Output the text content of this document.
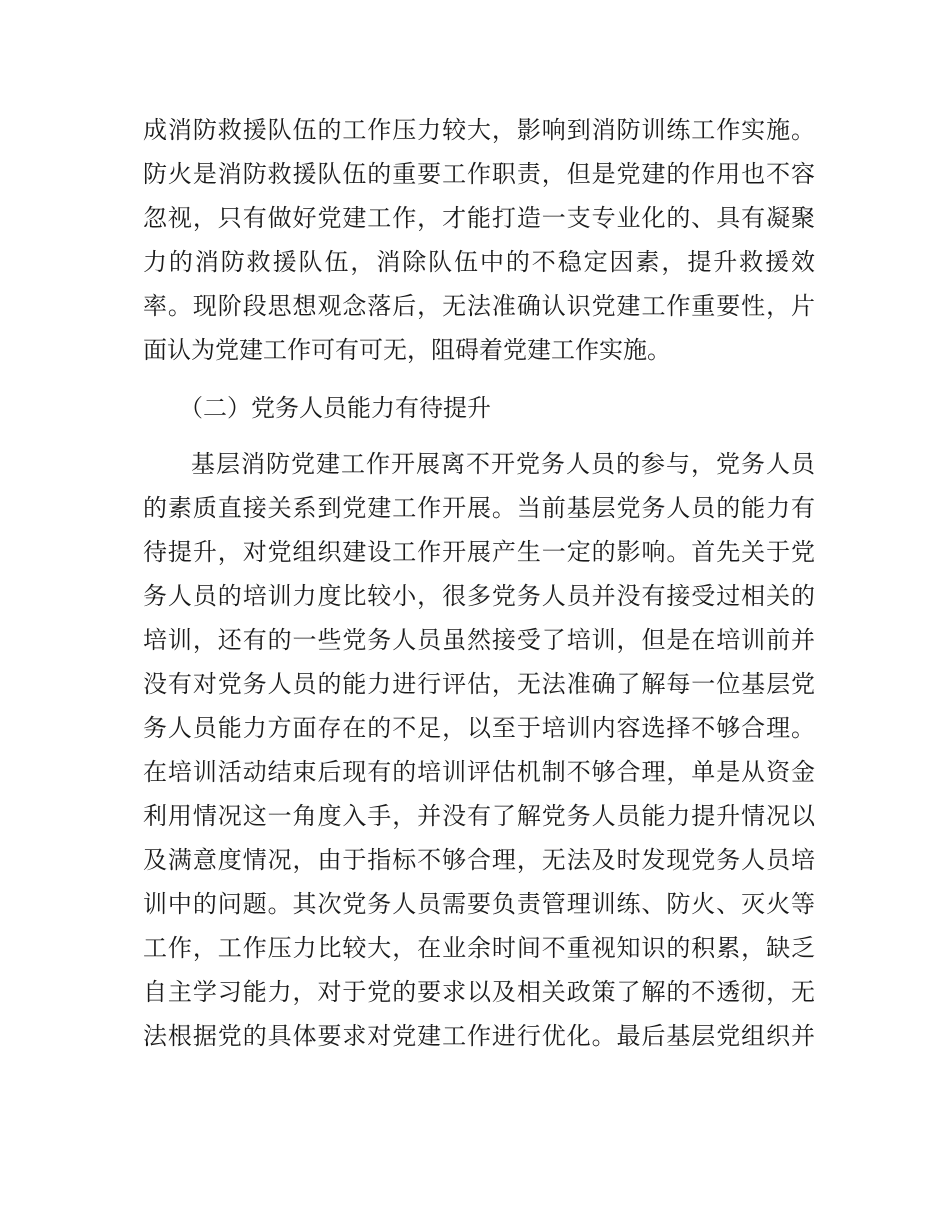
成消防救援队伍的工作压力较大，影响到消防训练工作实施。
防火是消防救援队伍的重要工作职责，但是党建的作用也不容
忽视，只有做好党建工作，才能打造一支专业化的、具有凝聚
力的消防救援队伍，消除队伍中的不稳定因素，提升救援效
率。现阶段思想观念落后，无法准确认识党建工作重要性，片
面认为党建工作可有可无，阻碍着党建工作实施。
（二）党务人员能力有待提升
基层消防党建工作开展离不开党务人员的参与，党务人员
的素质直接关系到党建工作开展。当前基层党务人员的能力有
待提升，对党组织建设工作开展产生一定的影响。首先关于党
务人员的培训力度比较小，很多党务人员并没有接受过相关的
培训，还有的一些党务人员虽然接受了培训，但是在培训前并
没有对党务人员的能力进行评估，无法准确了解每一位基层党
务人员能力方面存在的不足，以至于培训内容选择不够合理。
在培训活动结束后现有的培训评估机制不够合理，单是从资金
利用情况这一角度入手，并没有了解党务人员能力提升情况以
及满意度情况，由于指标不够合理，无法及时发现党务人员培
训中的问题。其次党务人员需要负责管理训练、防火、灭火等
工作，工作压力比较大，在业余时间不重视知识的积累，缺乏
自主学习能力，对于党的要求以及相关政策了解的不透彻，无
法根据党的具体要求对党建工作进行优化。最后基层党组织并
